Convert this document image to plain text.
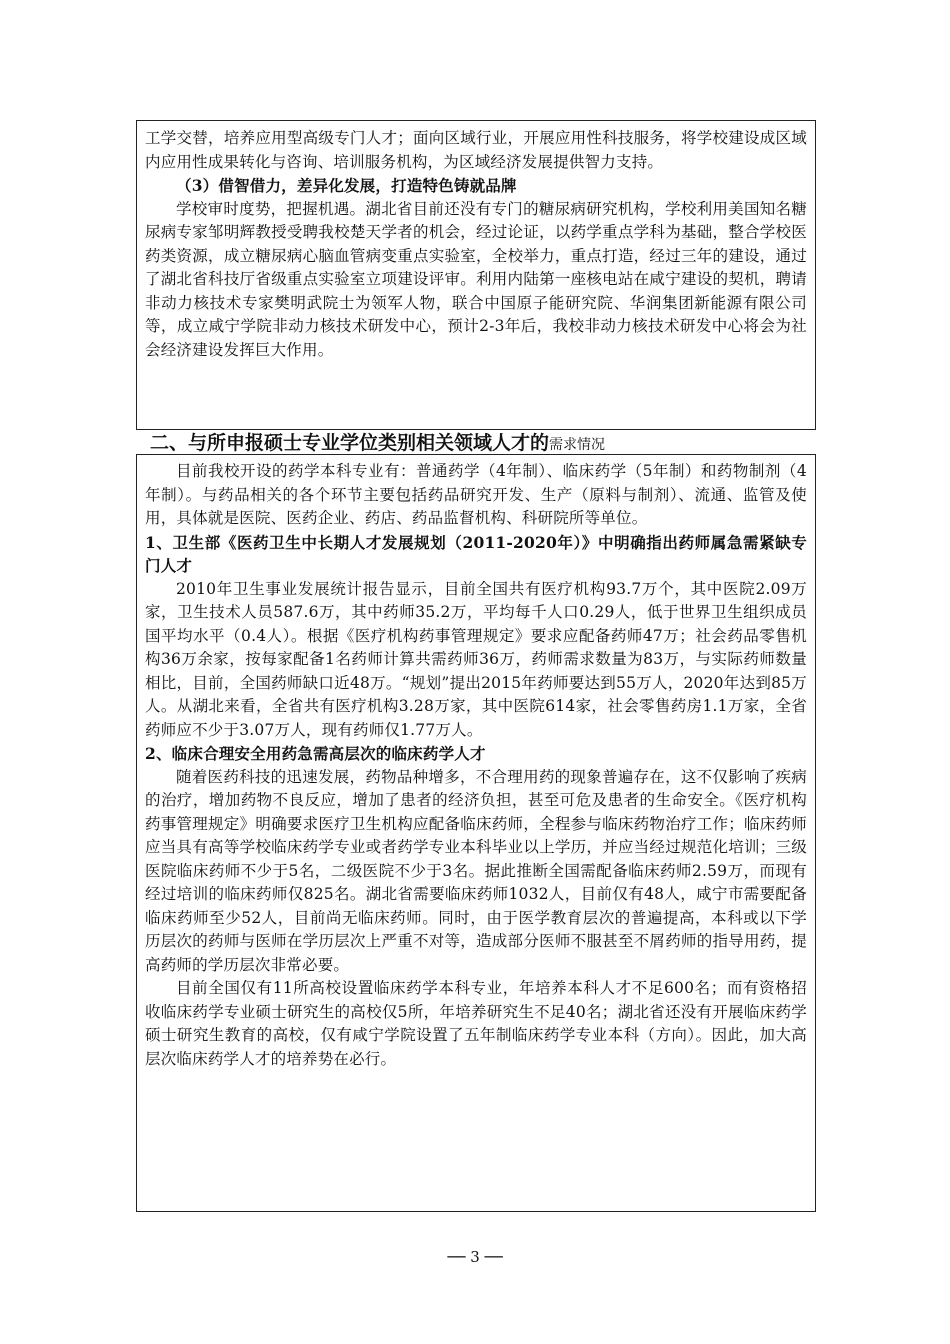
工学交替，培养应用型高级专门人才；面向区域行业，开展应用性科技服务，将学校建设成区域内应用性成果转化与咨询、培训服务机构，为区域经济发展提供智力支持。

（3）借智借力，差异化发展，打造特色铸就品牌

学校审时度势，把握机遇。湖北省目前还没有专门的糖尿病研究机构，学校利用美国知名糖尿病专家邹明辉教授受聘我校楚天学者的机会，经过论证，以药学重点学科为基础，整合学校医药类资源，成立糖尿病心脑血管病变重点实验室，全校举力，重点打造，经过三年的建设，通过了湖北省科技厅省级重点实验室立项建设评审。利用内陆第一座核电站在咸宁建设的契机，聘请非动力核技术专家樊明武院士为领军人物，联合中国原子能研究院、华润集团新能源有限公司等，成立咸宁学院非动力核技术研发中心，预计2-3年后，我校非动力核技术研发中心将会为社会经济建设发挥巨大作用。

二、与所申报硕士专业学位类别相关领域人才的需求情况

目前我校开设的药学本科专业有：普通药学（4年制）、临床药学（5年制）和药物制剂（4年制）。与药品相关的各个环节主要包括药品研究开发、生产（原料与制剂）、流通、监管及使用，具体就是医院、医药企业、药店、药品监督机构、科研院所等单位。

1、卫生部《医药卫生中长期人才发展规划（2011-2020年）》中明确指出药师属急需紧缺专门人才

2010年卫生事业发展统计报告显示，目前全国共有医疗机构93.7万个，其中医院2.09万家，卫生技术人员587.6万，其中药师35.2万，平均每千人口0.29人，低于世界卫生组织成员国平均水平（0.4人）。根据《医疗机构药事管理规定》要求应配备药师47万；社会药品零售机构36万余家，按每家配备1名药师计算共需药师36万，药师需求数量为83万，与实际药师数量相比，目前，全国药师缺口近48万。“规划”提出2015年药师要达到55万人，2020年达到85万人。从湖北来看，全省共有医疗机构3.28万家，其中医院614家，社会零售药房1.1万家，全省药师应不少于3.07万人，现有药师仅1.77万人。

2、临床合理安全用药急需高层次的临床药学人才

随着医药科技的迅速发展，药物品种增多，不合理用药的现象普遍存在，这不仅影响了疾病的治疗，增加药物不良反应，增加了患者的经济负担，甚至可危及患者的生命安全。《医疗机构药事管理规定》明确要求医疗卫生机构应配备临床药师，全程参与临床药物治疗工作；临床药师应当具有高等学校临床药学专业或者药学专业本科毕业以上学历，并应当经过规范化培训；三级医院临床药师不少于5名，二级医院不少于3名。据此推断全国需配备临床药师2.59万，而现有经过培训的临床药师仅825名。湖北省需要临床药师1032人，目前仅有48人，咸宁市需要配备临床药师至少52人，目前尚无临床药师。同时，由于医学教育层次的普遍提高，本科或以下学历层次的药师与医师在学历层次上严重不对等，造成部分医师不服甚至不屑药师的指导用药，提高药师的学历层次非常必要。

目前全国仅有11所高校设置临床药学本科专业，年培养本科人才不足600名；而有资格招收临床药学专业硕士研究生的高校仅5所，年培养研究生不足40名；湖北省还没有开展临床药学硕士研究生教育的高校，仅有咸宁学院设置了五年制临床药学专业本科（方向）。因此，加大高层次临床药学人才的培养势在必行。

── 3 ──
